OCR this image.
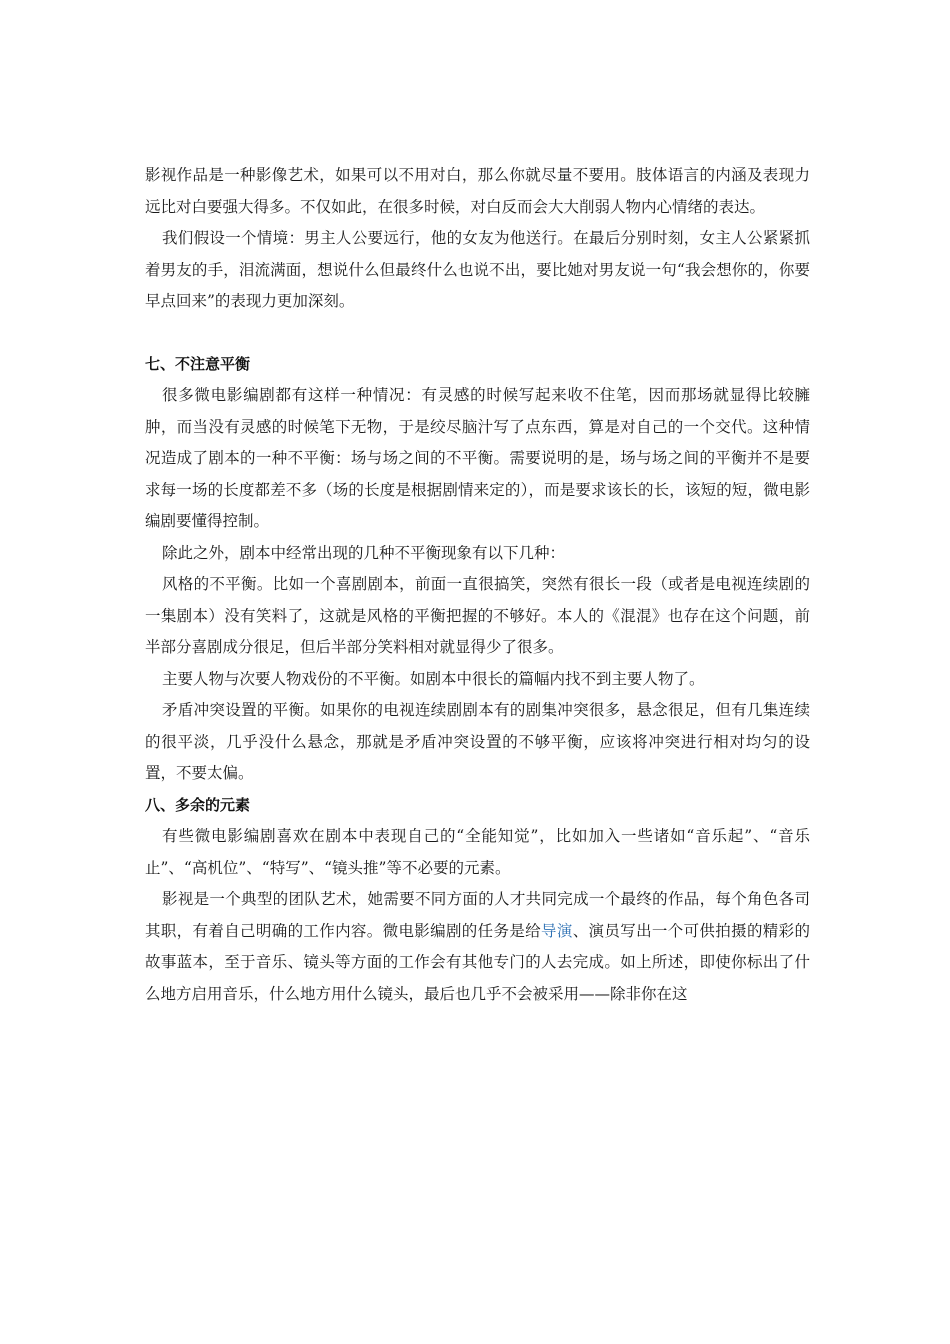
影视作品是一种影像艺术，如果可以不用对白，那么你就尽量不要用。肢体语言的内涵及表现力远比对白要强大得多。不仅如此，在很多时候，对白反而会大大削弱人物内心情绪的表达。

我们假设一个情境：男主人公要远行，他的女友为他送行。在最后分别时刻，女主人公紧紧抓着男友的手，泪流满面，想说什么但最终什么也说不出，要比她对男友说一句“我会想你的，你要早点回来”的表现力更加深刻。

七、不注意平衡

很多微电影编剧都有这样一种情况：有灵感的时候写起来收不住笔，因而那场就显得比较臃肿，而当没有灵感的时候笔下无物，于是绞尽脑汁写了点东西，算是对自己的一个交代。这种情况造成了剧本的一种不平衡：场与场之间的不平衡。需要说明的是，场与场之间的平衡并不是要求每一场的长度都差不多（场的长度是根据剧情来定的），而是要求该长的长，该短的短，微电影编剧要懂得控制。

除此之外，剧本中经常出现的几种不平衡现象有以下几种：

风格的不平衡。比如一个喜剧剧本，前面一直很搞笑，突然有很长一段（或者是电视连续剧的一集剧本）没有笑料了，这就是风格的平衡把握的不够好。本人的《混混》也存在这个问题，前半部分喜剧成分很足，但后半部分笑料相对就显得少了很多。

主要人物与次要人物戏份的不平衡。如剧本中很长的篇幅内找不到主要人物了。

矛盾冲突设置的平衡。如果你的电视连续剧剧本有的剧集冲突很多，悬念很足，但有几集连续的很平淡，几乎没什么悬念，那就是矛盾冲突设置的不够平衡，应该将冲突进行相对均匀的设置，不要太偏。

八、多余的元素

有些微电影编剧喜欢在剧本中表现自己的“全能知觉”，比如加入一些诸如“音乐起”、“音乐止”、“高机位”、“特写”、“镜头推”等不必要的元素。

影视是一个典型的团队艺术，她需要不同方面的人才共同完成一个最终的作品，每个角色各司其职，有着自己明确的工作内容。微电影编剧的任务是给导演、演员写出一个可供拍摄的精彩的故事蓝本，至于音乐、镜头等方面的工作会有其他专门的人去完成。如上所述，即使你标出了什么地方启用音乐，什么地方用什么镜头，最后也几乎不会被采用——除非你在这
